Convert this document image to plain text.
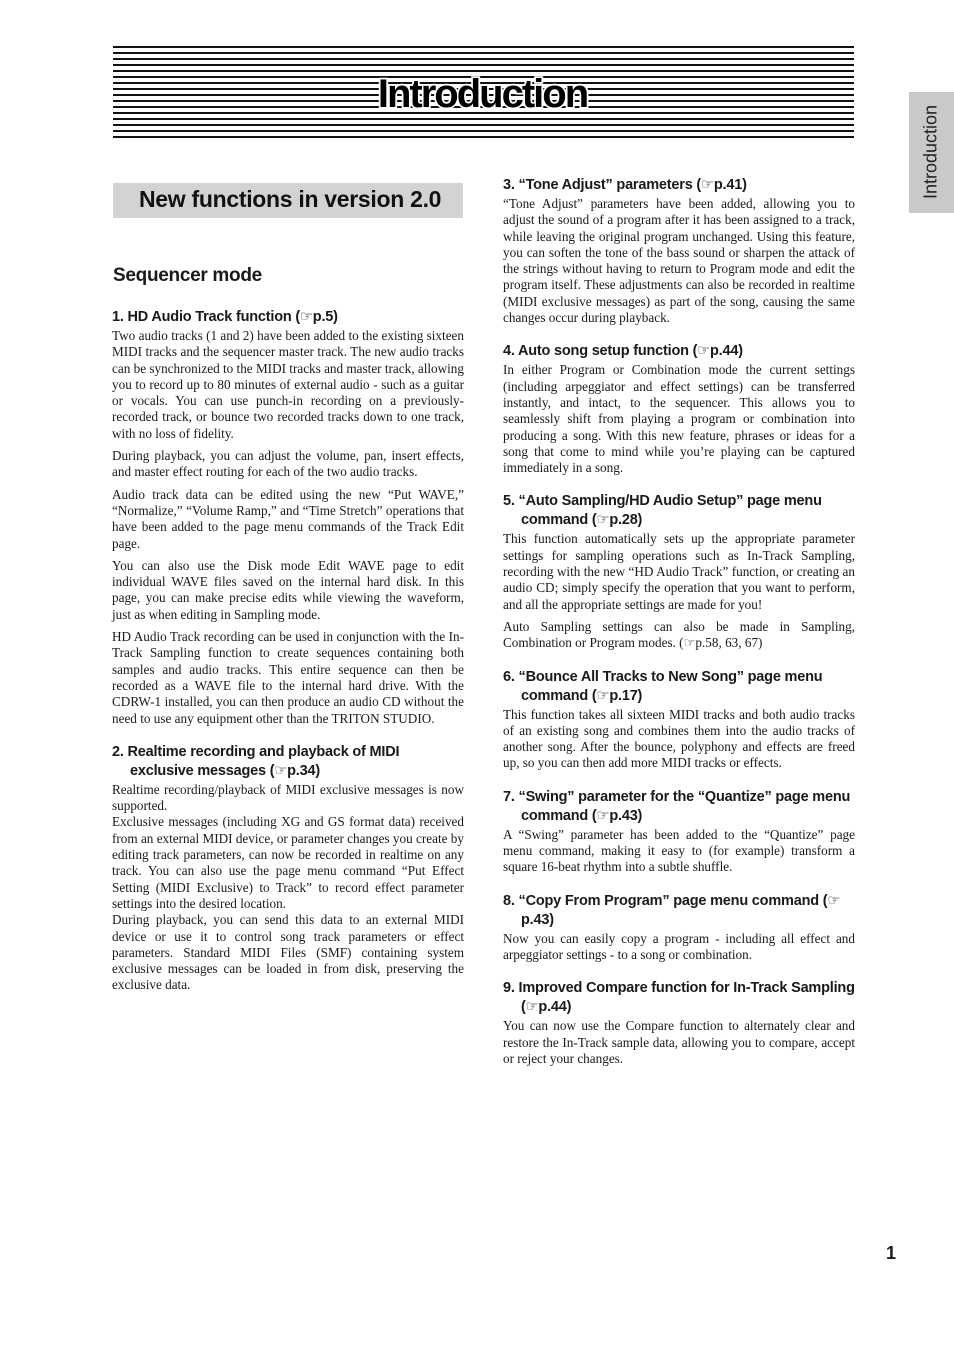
Introduction
Introduction
New functions in version 2.0
Sequencer mode
1. HD Audio Track function (☞p.5)

Two audio tracks (1 and 2) have been added to the existing sixteen MIDI tracks and the sequencer master track. The new audio tracks can be synchronized to the MIDI tracks and master track, allowing you to record up to 80 minutes of external audio - such as a guitar or vocals. You can use punch-in recording on a previously-recorded track, or bounce two recorded tracks down to one track, with no loss of fidelity.

During playback, you can adjust the volume, pan, insert effects, and master effect routing for each of the two audio tracks.

Audio track data can be edited using the new “Put WAVE,” “Normalize,” “Volume Ramp,” and “Time Stretch” operations that have been added to the page menu commands of the Track Edit page.

You can also use the Disk mode Edit WAVE page to edit individual WAVE files saved on the internal hard disk. In this page, you can make precise edits while viewing the waveform, just as when editing in Sampling mode.

HD Audio Track recording can be used in conjunction with the In-Track Sampling function to create sequences containing both samples and audio tracks. This entire sequence can then be recorded as a WAVE file to the internal hard drive. With the CDRW-1 installed, you can then produce an audio CD without the need to use any equipment other than the TRITON STUDIO.

2. Realtime recording and playback of MIDI exclusive messages (☞p.34)

Realtime recording/playback of MIDI exclusive messages is now supported.

Exclusive messages (including XG and GS format data) received from an external MIDI device, or parameter changes you create by editing track parameters, can now be recorded in realtime on any track. You can also use the page menu command “Put Effect Setting (MIDI Exclusive) to Track” to record effect parameter settings into the desired location.

During playback, you can send this data to an external MIDI device or use it to control song track parameters or effect parameters. Standard MIDI Files (SMF) containing system exclusive messages can be loaded in from disk, preserving the exclusive data.

3. “Tone Adjust” parameters (☞p.41)

“Tone Adjust” parameters have been added, allowing you to adjust the sound of a program after it has been assigned to a track, while leaving the original program unchanged. Using this feature, you can soften the tone of the bass sound or sharpen the attack of the strings without having to return to Program mode and edit the program itself. These adjustments can also be recorded in realtime (MIDI exclusive messages) as part of the song, causing the same changes occur during playback.

4. Auto song setup function (☞p.44)

In either Program or Combination mode the current settings (including arpeggiator and effect settings) can be transferred instantly, and intact, to the sequencer. This allows you to seamlessly shift from playing a program or combination into producing a song. With this new feature, phrases or ideas for a song that come to mind while you’re playing can be captured immediately in a song.

5. “Auto Sampling/HD Audio Setup” page menu command (☞p.28)

This function automatically sets up the appropriate parameter settings for sampling operations such as In-Track Sampling, recording with the new “HD Audio Track” function, or creating an audio CD; simply specify the operation that you want to perform, and all the appropriate settings are made for you!

Auto Sampling settings can also be made in Sampling, Combination or Program modes. (☞p.58, 63, 67)

6. “Bounce All Tracks to New Song” page menu command (☞p.17)

This function takes all sixteen MIDI tracks and both audio tracks of an existing song and combines them into the audio tracks of another song. After the bounce, polyphony and effects are freed up, so you can then add more MIDI tracks or effects.

7. “Swing” parameter for the “Quantize” page menu command (☞p.43)

A “Swing” parameter has been added to the “Quantize” page menu command, making it easy to (for example) transform a square 16-beat rhythm into a subtle shuffle.

8. “Copy From Program” page menu command (☞p.43)

Now you can easily copy a program - including all effect and arpeggiator settings - to a song or combination.

9. Improved Compare function for In-Track Sampling (☞p.44)

You can now use the Compare function to alternately clear and restore the In-Track sample data, allowing you to compare, accept or reject your changes.

1
